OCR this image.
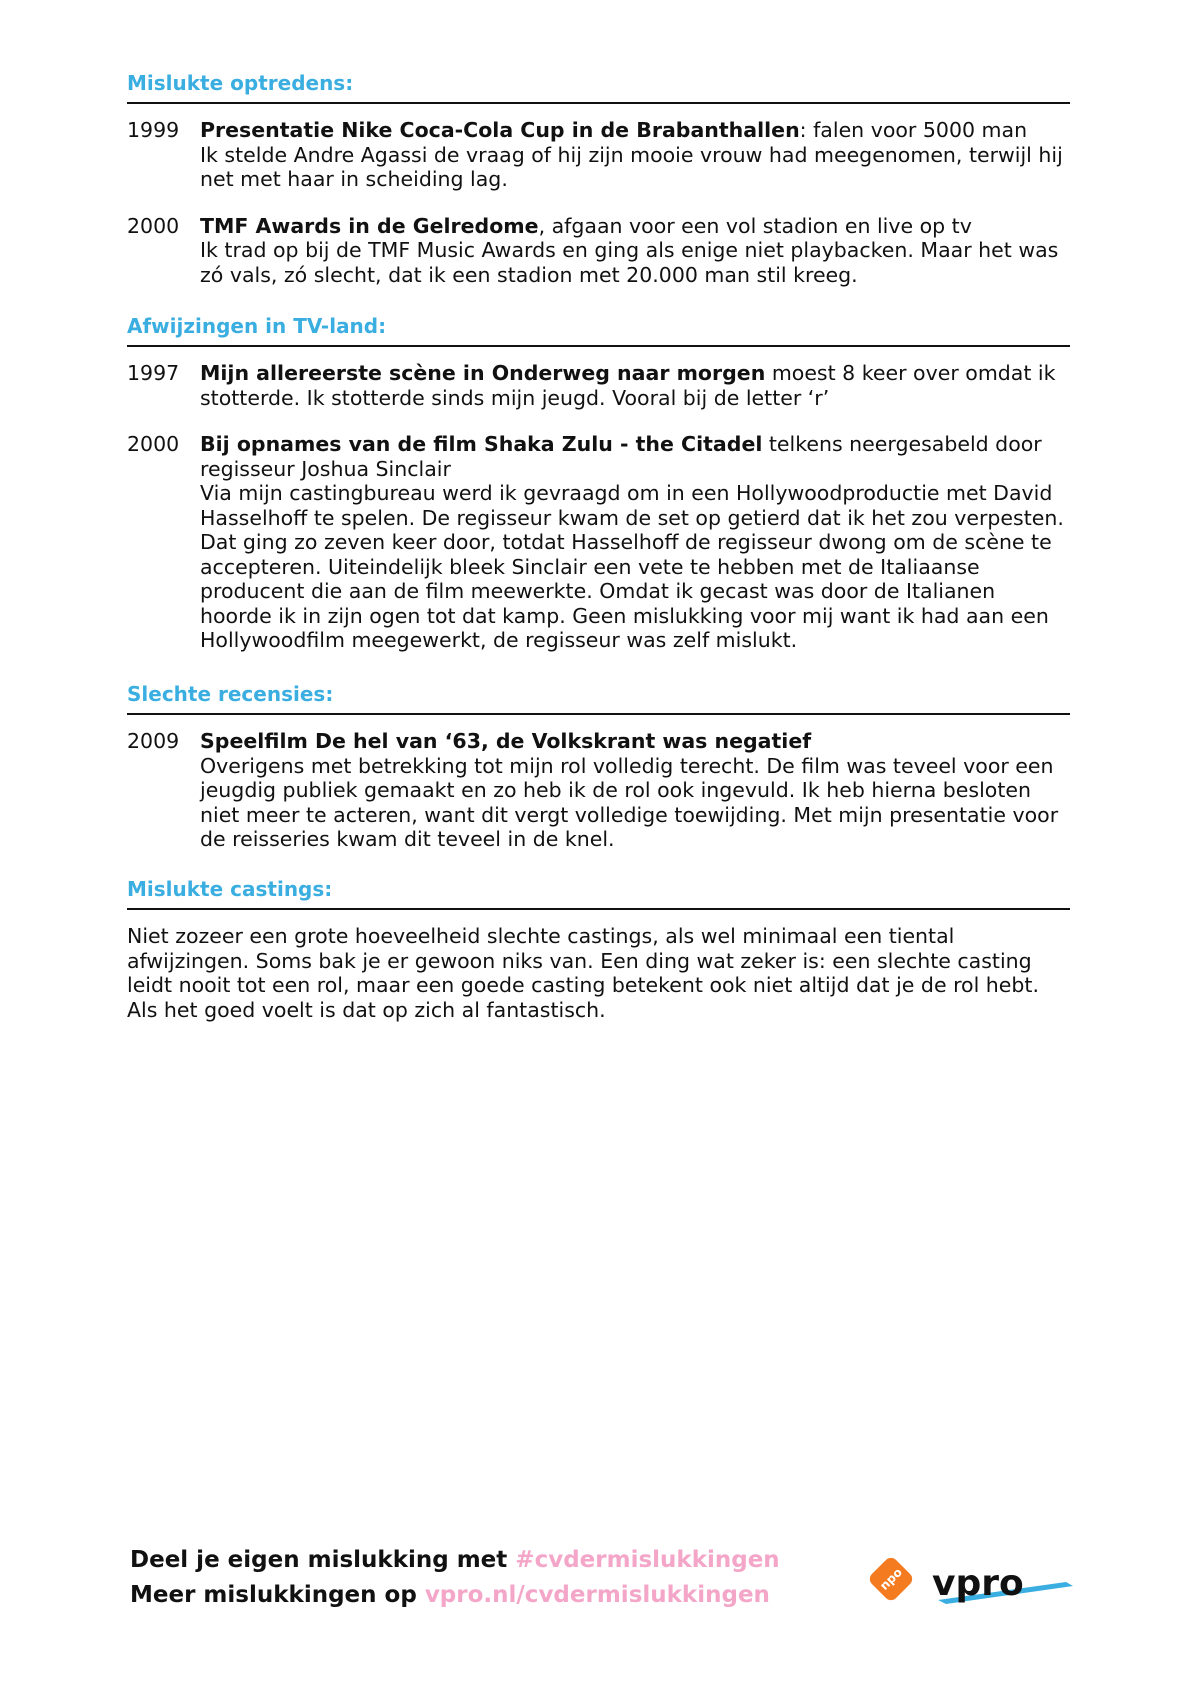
Mislukte optredens:
1999	Presentatie Nike Coca-Cola Cup in de Brabanthallen: falen voor 5000 man
Ik stelde Andre Agassi de vraag of hij zijn mooie vrouw had meegenomen, terwijl hij net met haar in scheiding lag.
2000	TMF Awards in de Gelredome, afgaan voor een vol stadion en live op tv
Ik trad op bij de TMF Music Awards en ging als enige niet playbacken. Maar het was zó vals, zó slecht, dat ik een stadion met 20.000 man stil kreeg.
Afwijzingen in TV-land:
1997	Mijn allereerste scène in Onderweg naar morgen moest 8 keer over omdat ik stotterde. Ik stotterde sinds mijn jeugd. Vooral bij de letter ‘r’
2000	Bij opnames van de film Shaka Zulu - the Citadel telkens neergesabeld door regisseur Joshua Sinclair
Via mijn castingbureau werd ik gevraagd om in een Hollywoodproductie met David Hasselhoff te spelen. De regisseur kwam de set op getierd dat ik het zou verpesten. Dat ging zo zeven keer door, totdat Hasselhoff de regisseur dwong om de scène te accepteren. Uiteindelijk bleek Sinclair een vete te hebben met de Italiaanse producent die aan de film meewerkte. Omdat ik gecast was door de Italianen hoorde ik in zijn ogen tot dat kamp. Geen mislukking voor mij want ik had aan een Hollywoodfilm meegewerkt, de regisseur was zelf mislukt.
Slechte recensies:
2009	Speelfilm De hel van ‘63, de Volkskrant was negatief
Overigens met betrekking tot mijn rol volledig terecht. De film was teveel voor een jeugdig publiek gemaakt en zo heb ik de rol ook ingevuld. Ik heb hierna besloten niet meer te acteren, want dit vergt volledige toewijding. Met mijn presentatie voor de reisseries kwam dit teveel in de knel.
Mislukte castings:
Niet zozeer een grote hoeveelheid slechte castings, als wel minimaal een tiental afwijzingen. Soms bak je er gewoon niks van. Een ding wat zeker is: een slechte casting leidt nooit tot een rol, maar een goede casting betekent ook niet altijd dat je de rol hebt. Als het goed voelt is dat op zich al fantastisch.
Deel je eigen mislukking met #cvdermislukkingen
Meer mislukkingen op vpro.nl/cvdermislukkingen
npo vpro
